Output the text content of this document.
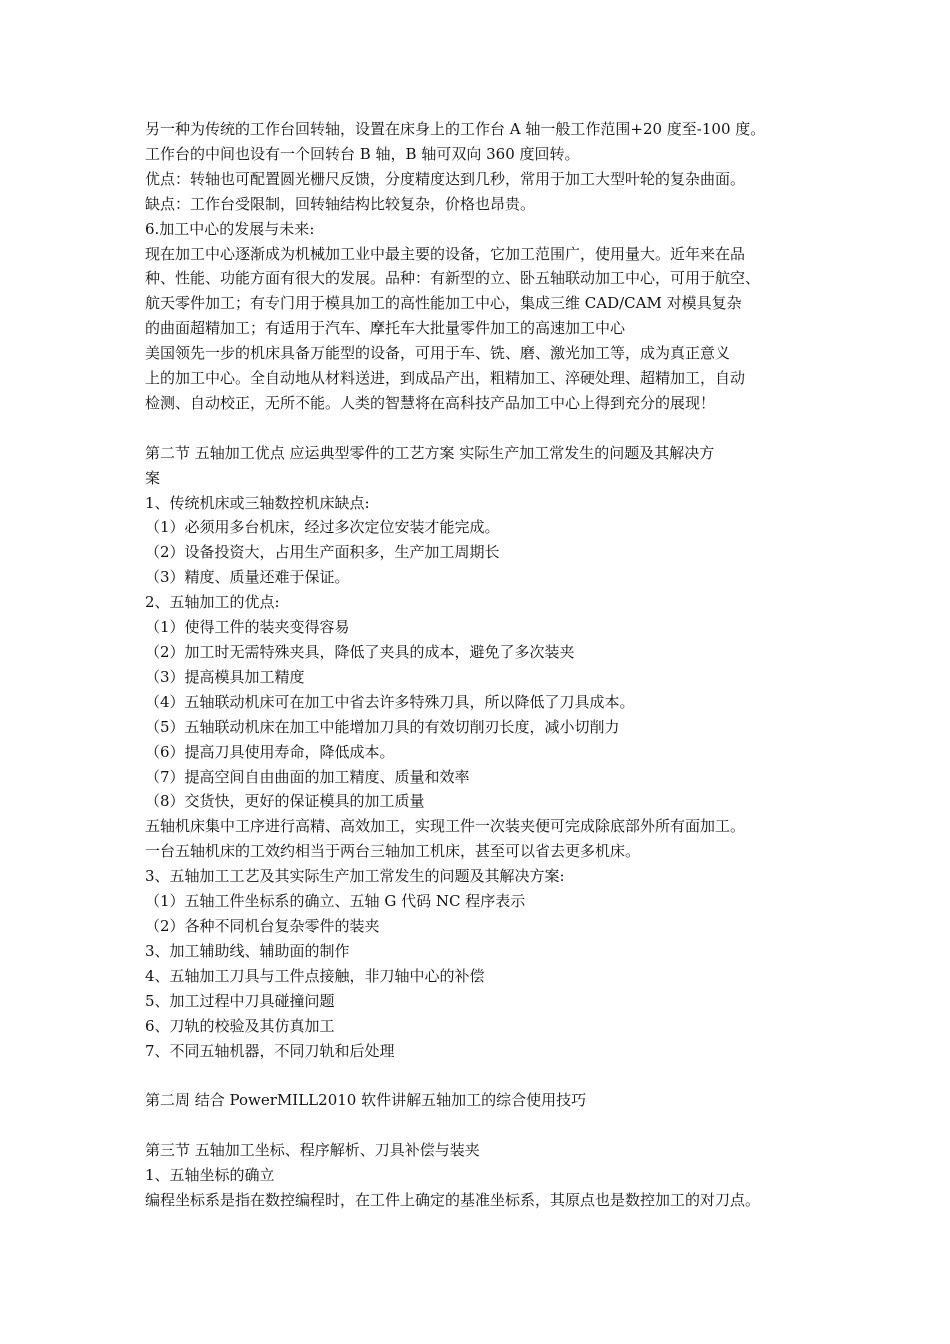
另一种为传统的工作台回转轴，设置在床身上的工作台 A 轴一般工作范围+20 度至-100 度。
工作台的中间也设有一个回转台 B 轴，B 轴可双向 360 度回转。
优点：转轴也可配置圆光栅尺反馈，分度精度达到几秒，常用于加工大型叶轮的复杂曲面。
缺点：工作台受限制，回转轴结构比较复杂，价格也昂贵。
6.加工中心的发展与未来:
现在加工中心逐渐成为机械加工业中最主要的设备，它加工范围广，使用量大。近年来在品
种、性能、功能方面有很大的发展。品种：有新型的立、卧五轴联动加工中心，可用于航空、
航天零件加工；有专门用于模具加工的高性能加工中心，集成三维 CAD/CAM 对模具复杂
的曲面超精加工；有适用于汽车、摩托车大批量零件加工的高速加工中心
美国领先一步的机床具备万能型的设备，可用于车、铣、磨、激光加工等，成为真正意义
上的加工中心。全自动地从材料送进，到成品产出，粗精加工、淬硬处理、超精加工，自动
检测、自动校正，无所不能。人类的智慧将在高科技产品加工中心上得到充分的展现！
第二节 五轴加工优点 应运典型零件的工艺方案 实际生产加工常发生的问题及其解决方
案
1、传统机床或三轴数控机床缺点:
（1）必须用多台机床，经过多次定位安装才能完成。
（2）设备投资大，占用生产面积多，生产加工周期长
（3）精度、质量还难于保证。
2、五轴加工的优点:
（1）使得工件的装夹变得容易
（2）加工时无需特殊夹具，降低了夹具的成本，避免了多次装夹
（3）提高模具加工精度
（4）五轴联动机床可在加工中省去许多特殊刀具，所以降低了刀具成本。
（5）五轴联动机床在加工中能增加刀具的有效切削刃长度，减小切削力
（6）提高刀具使用寿命，降低成本。
（7）提高空间自由曲面的加工精度、质量和效率
（8）交货快，更好的保证模具的加工质量
五轴机床集中工序进行高精、高效加工，实现工件一次装夹便可完成除底部外所有面加工。
一台五轴机床的工效约相当于两台三轴加工机床，甚至可以省去更多机床。
3、五轴加工工艺及其实际生产加工常发生的问题及其解决方案:
（1）五轴工件坐标系的确立、五轴 G 代码 NC 程序表示
（2）各种不同机台复杂零件的装夹
3、加工辅助线、辅助面的制作
4、五轴加工刀具与工件点接触，非刀轴中心的补偿
5、加工过程中刀具碰撞问题
6、刀轨的校验及其仿真加工
7、不同五轴机器，不同刀轨和后处理
第二周 结合 PowerMILL2010 软件讲解五轴加工的综合使用技巧
第三节 五轴加工坐标、程序解析、刀具补偿与装夹
1、五轴坐标的确立
编程坐标系是指在数控编程时，在工件上确定的基准坐标系，其原点也是数控加工的对刀点。
